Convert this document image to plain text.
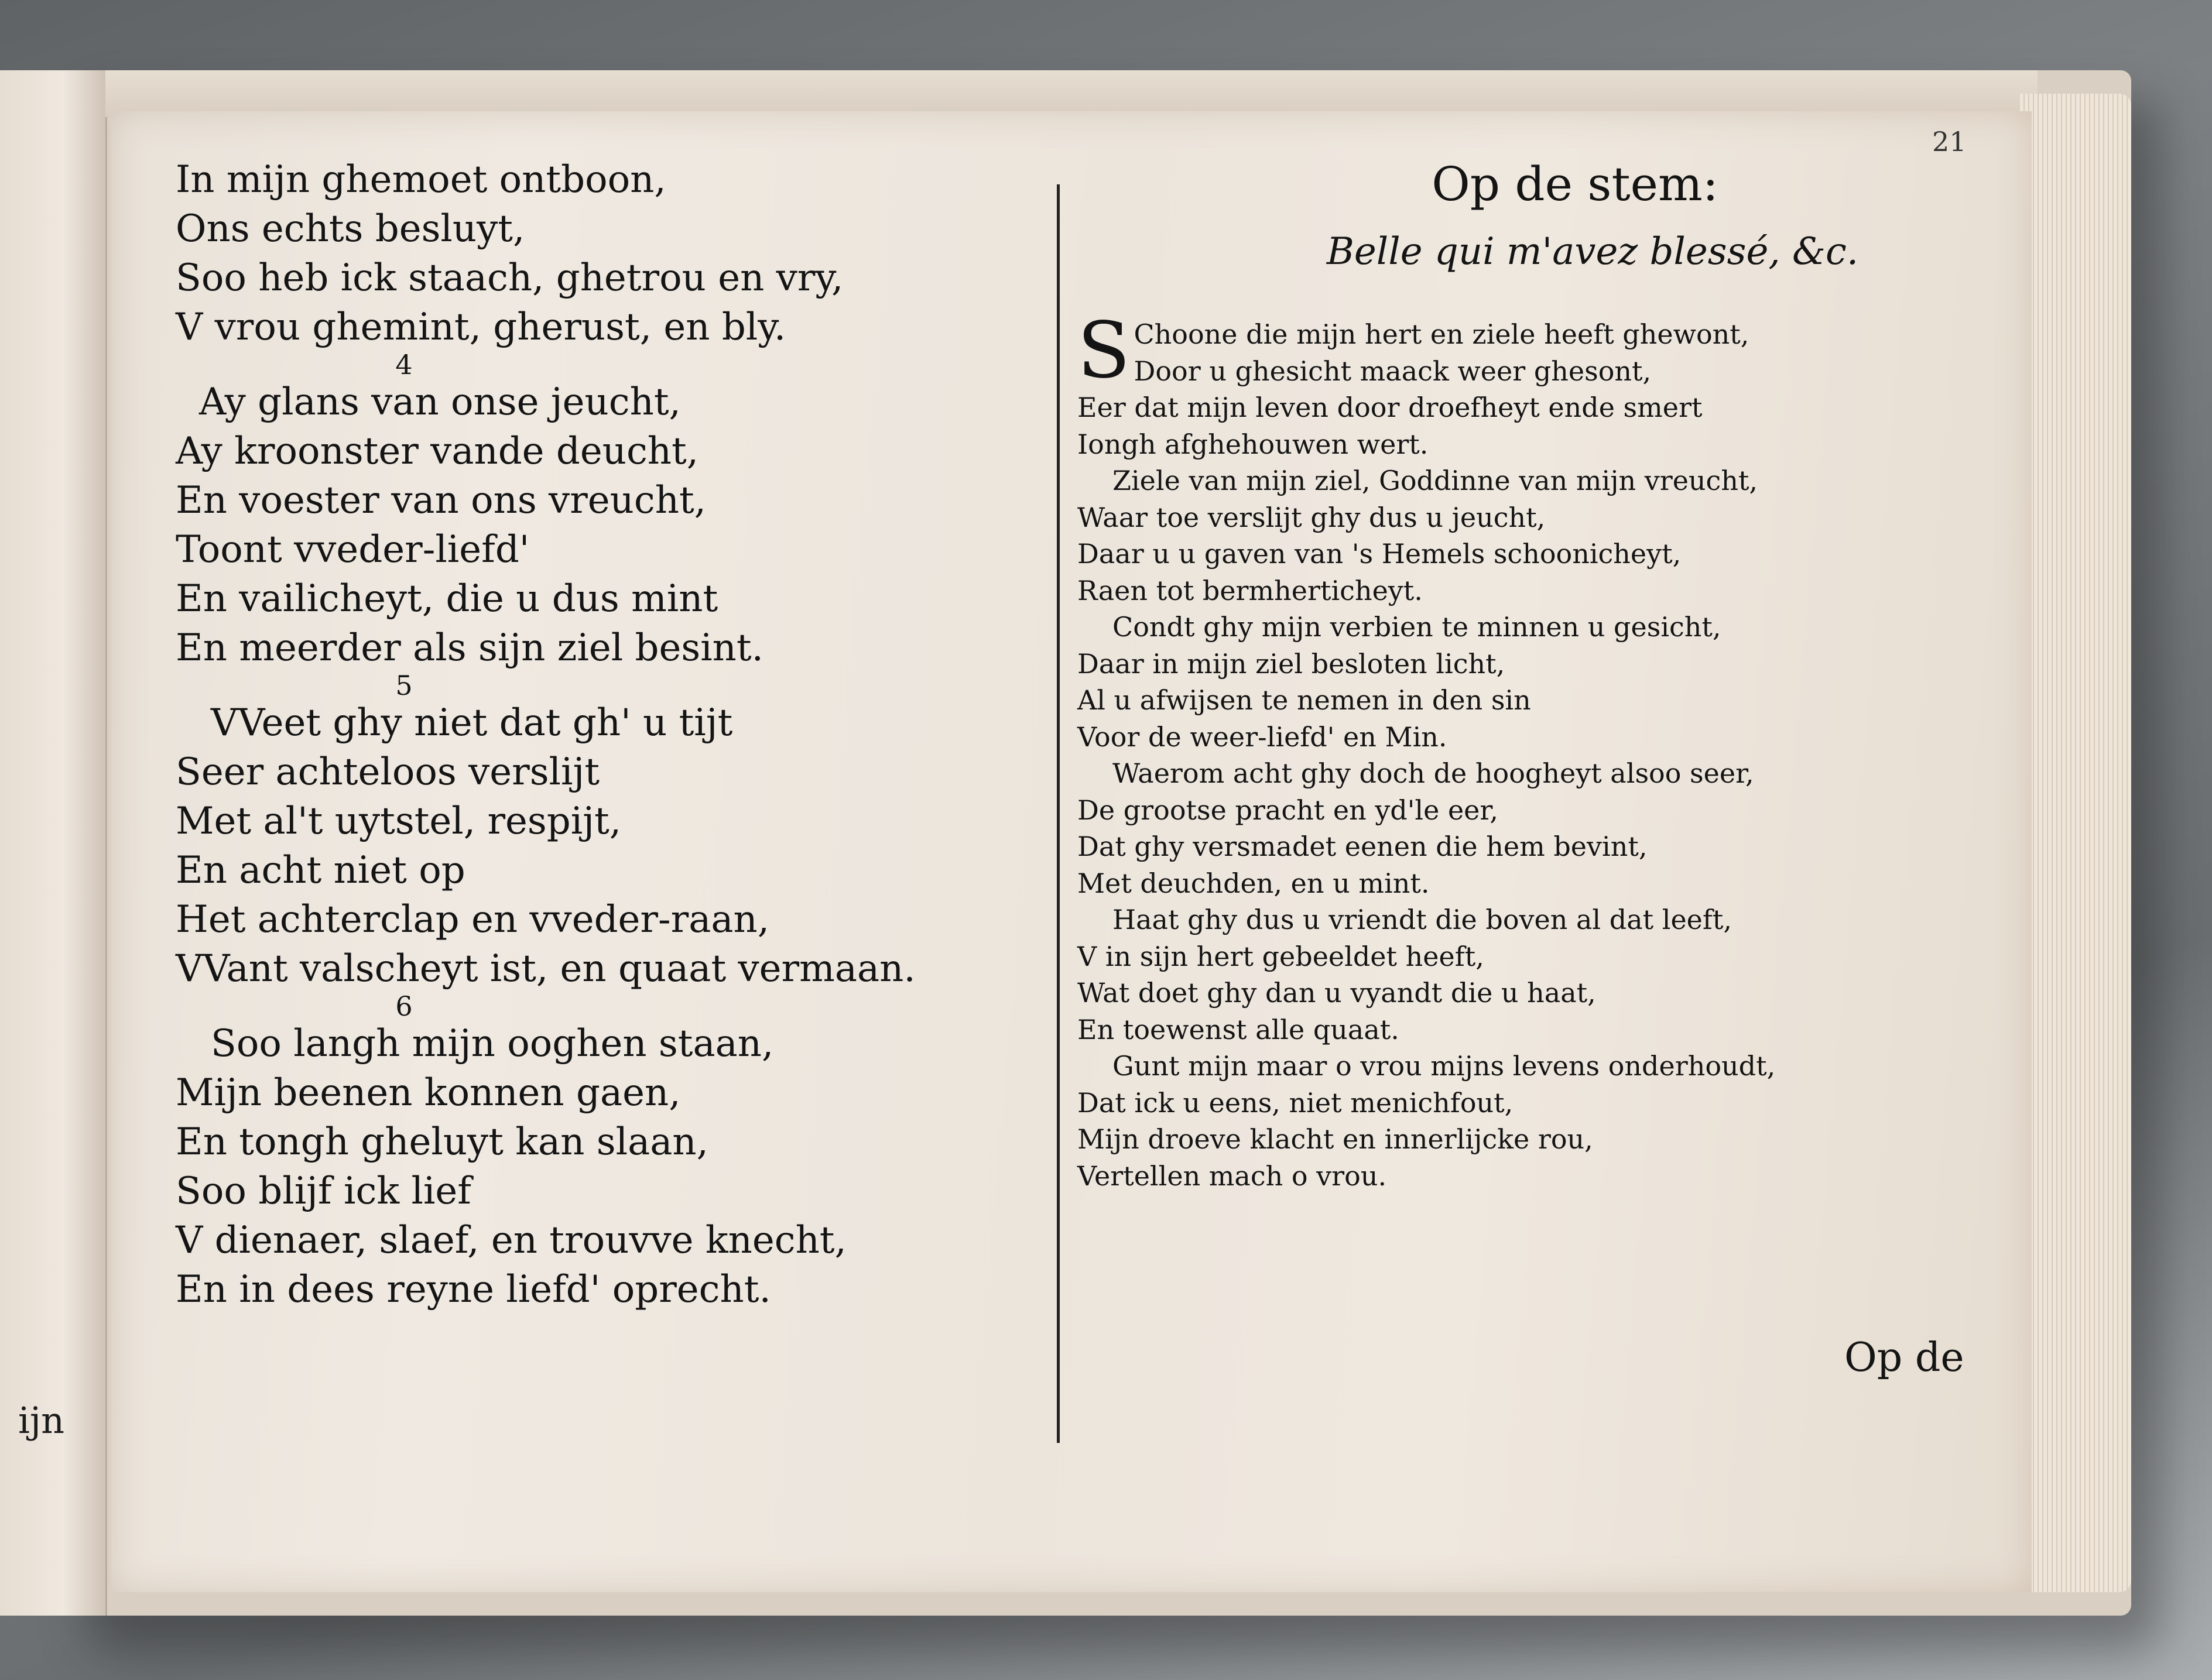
ijn
In mijn ghemoet ontboon,
Ons echts besluyt,
Soo heb ick staach, ghetrou en vry,
V vrou ghemint, gherust, en bly.
4
Ay glans van onse jeucht,
Ay kroonster vande deucht,
En voester van ons vreucht,
Toont vveder-liefd'
En vailicheyt, die u dus mint
En meerder als sijn ziel besint.
5
VVeet ghy niet dat gh' u tijt
Seer achteloos verslijt
Met al't uytstel, respijt,
En acht niet op
Het achterclap en vveder-raan,
VVant valscheyt ist, en quaat vermaan.
6
Soo langh mijn ooghen staan,
Mijn beenen konnen gaen,
En tongh gheluyt kan slaan,
Soo blijf ick lief
V dienaer, slaef, en trouvve knecht,
En in dees reyne liefd' oprecht.
21
Op de stem:
Belle qui m'avez blessé, &c.
S Choone die mijn hert en ziele heeft ghewont,
Door u ghesicht maack weer ghesont,
Eer dat mijn leven door droefheyt ende smert
Iongh afghehouwen wert.
Ziele van mijn ziel, Goddinne van mijn vreucht,
Waar toe verslijt ghy dus u jeucht,
Daar u u gaven van 's Hemels schoonicheyt,
Raen tot bermherticheyt.
Condt ghy mijn verbien te minnen u gesicht,
Daar in mijn ziel besloten licht,
Al u afwijsen te nemen in den sin
Voor de weer-liefd' en Min.
Waerom acht ghy doch de hoogheyt alsoo seer,
De grootse pracht en yd'le eer,
Dat ghy versmadet eenen die hem bevint,
Met deuchden, en u mint.
Haat ghy dus u vriendt die boven al dat leeft,
V in sijn hert gebeeldet heeft,
Wat doet ghy dan u vyandt die u haat,
En toewenst alle quaat.
Gunt mijn maar o vrou mijns levens onderhoudt,
Dat ick u eens, niet menichfout,
Mijn droeve klacht en innerlijcke rou,
Vertellen mach o vrou.
Op de
